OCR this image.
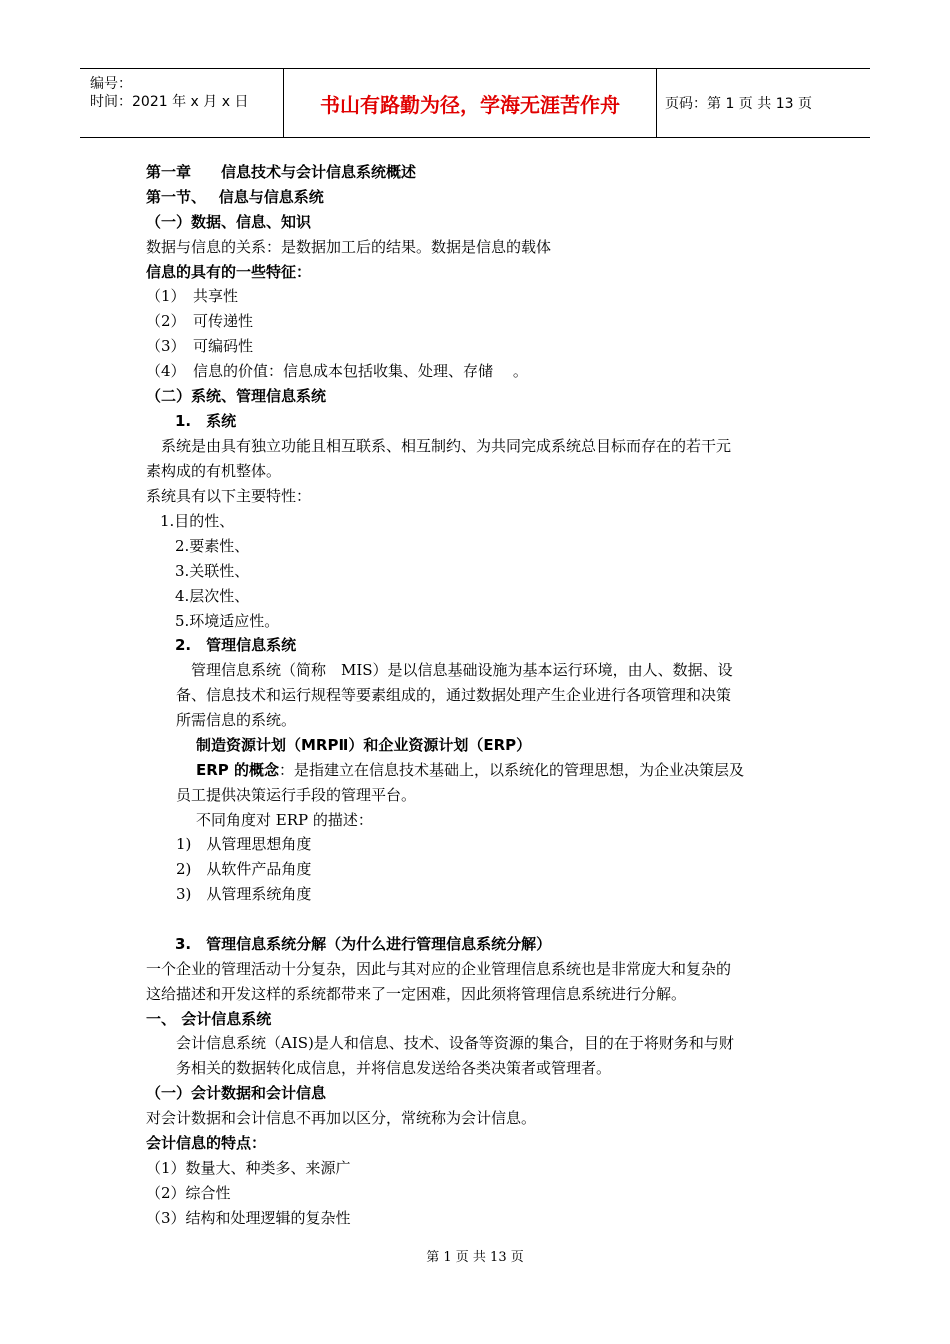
编号：
时间：2021 年 x 月 x 日	书山有路勤为径，学海无涯苦作舟	页码：第 1 页 共 13 页
第一章　　信息技术与会计信息系统概述
第一节、　 信息与信息系统
（一）数据、信息、知识
数据与信息的关系：是数据加工后的结果。数据是信息的载体
信息的具有的一些特征：
（1）　共享性
（2）　可传递性
（3）　可编码性
（4）　信息的价值：信息成本包括收集、处理、存储 　。
（二）系统、管理信息系统
1.　系统
　系统是由具有独立功能且相互联系、相互制约、为共同完成系统总目标而存在的若干元
素构成的有机整体。
系统具有以下主要特性：
1.目的性、
2.要素性、
3.关联性、
4.层次性、
5.环境适应性。
2.　管理信息系统
　管理信息系统（简称　MIS）是以信息基础设施为基本运行环境，由人、数据、设
备、信息技术和运行规程等要素组成的，通过数据处理产生企业进行各项管理和决策
所需信息的系统。
制造资源计划（MRPⅡ）和企业资源计划（ERP）
ERP 的概念：是指建立在信息技术基础上，以系统化的管理思想，为企业决策层及
员工提供决策运行手段的管理平台。
不同角度对 ERP 的描述：
1)　从管理思想角度
2)　从软件产品角度
3)　从管理系统角度
3.　管理信息系统分解（为什么进行管理信息系统分解）
一个企业的管理活动十分复杂，因此与其对应的企业管理信息系统也是非常庞大和复杂的
这给描述和开发这样的系统都带来了一定困难，因此须将管理信息系统进行分解。
一、 会计信息系统
会计信息系统（AIS)是人和信息、技术、设备等资源的集合，目的在于将财务和与财
务相关的数据转化成信息，并将信息发送给各类决策者或管理者。
（一）会计数据和会计信息
对会计数据和会计信息不再加以区分，常统称为会计信息。
会计信息的特点：
（1）数量大、种类多、来源广
（2）综合性
（3）结构和处理逻辑的复杂性
第 1 页 共 13 页
